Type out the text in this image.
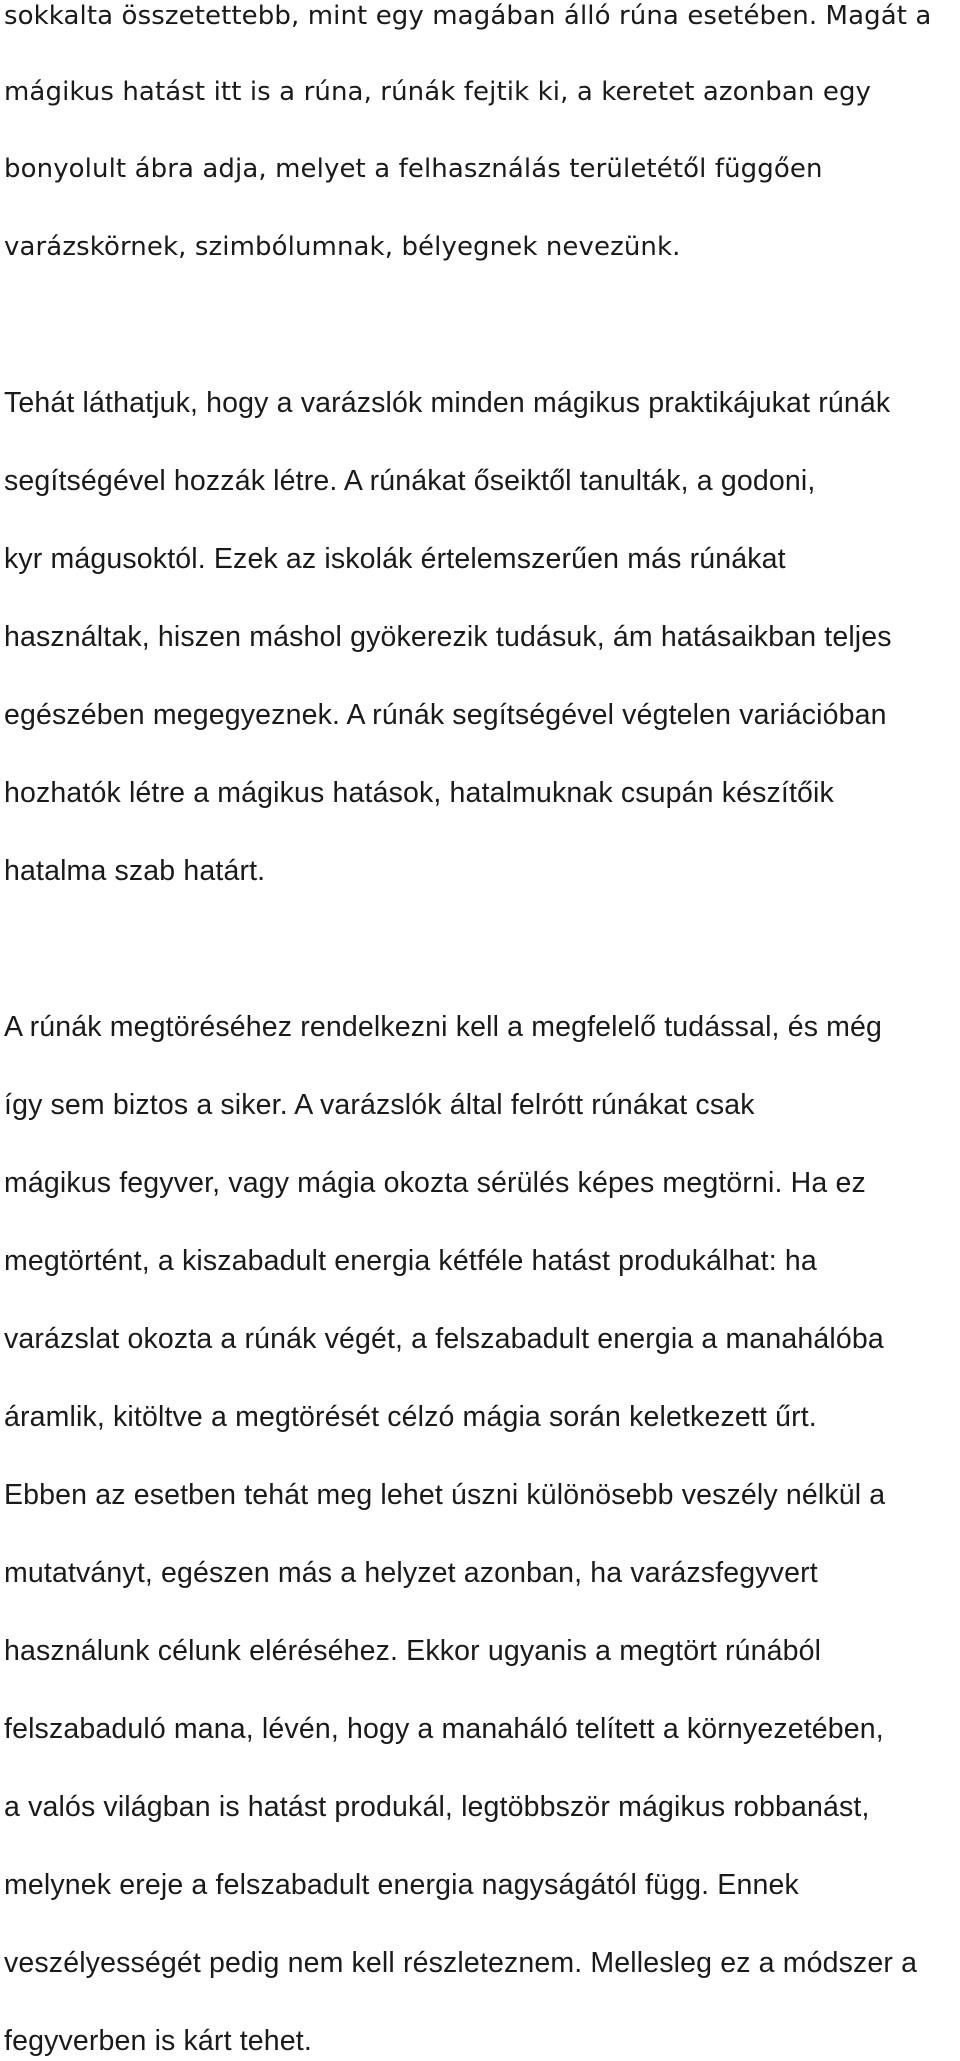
sokkalta összetettebb, mint egy magában álló rúna esetében. Magát a
mágikus hatást itt is a rúna, rúnák fejtik ki, a keretet azonban egy
bonyolult ábra adja, melyet a felhasználás területétől függően
varázskörnek, szimbólumnak, bélyegnek nevezünk.
Tehát láthatjuk, hogy a varázslók minden mágikus praktikájukat rúnák
segítségével hozzák létre. A rúnákat őseiktől tanulták, a godoni,
kyr mágusoktól. Ezek az iskolák értelemszerűen más rúnákat
használtak, hiszen máshol gyökerezik tudásuk, ám hatásaikban teljes
egészében megegyeznek. A rúnák segítségével végtelen variációban
hozhatók létre a mágikus hatások, hatalmuknak csupán készítőik
hatalma szab határt.
A rúnák megtöréséhez rendelkezni kell a megfelelő tudással, és még
így sem biztos a siker. A varázslók által felrótt rúnákat csak
mágikus fegyver, vagy mágia okozta sérülés képes megtörni. Ha ez
megtörtént, a kiszabadult energia kétféle hatást produkálhat: ha
varázslat okozta a rúnák végét, a felszabadult energia a manahálóba
áramlik, kitöltve a megtörését célzó mágia során keletkezett űrt.
Ebben az esetben tehát meg lehet úszni különösebb veszély nélkül a
mutatványt, egészen más a helyzet azonban, ha varázsfegyvert
használunk célunk eléréséhez. Ekkor ugyanis a megtört rúnából
felszabaduló mana, lévén, hogy a manaháló telített a környezetében,
a valós világban is hatást produkál, legtöbbször mágikus robbanást,
melynek ereje a felszabadult energia nagyságától függ. Ennek
veszélyességét pedig nem kell részleteznem. Mellesleg ez a módszer a
fegyverben is kárt tehet.
